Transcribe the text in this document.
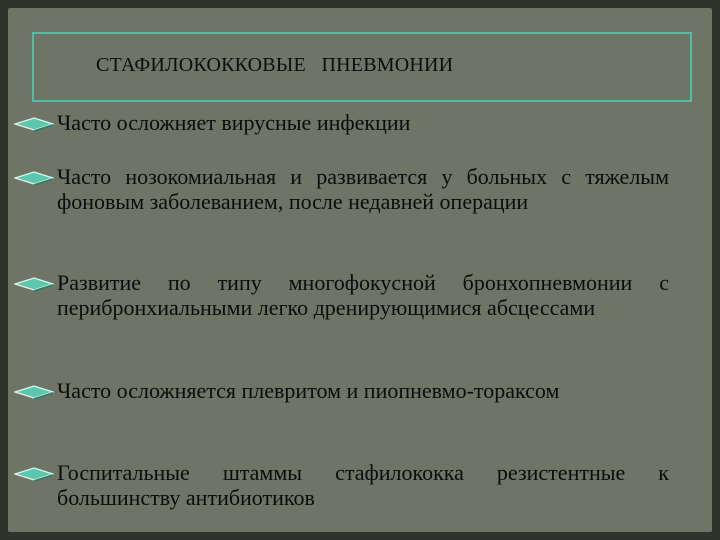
СТАФИЛОКОККОВЫЕ   ПНЕВМОНИИ
Часто осложняет вирусные инфекции
Часто нозокомиальная и развивается у больных с тяжелым фоновым заболеванием, после недавней операции
Развитие по типу многофокусной бронхопневмонии с перибронхиальными легко дренирующимися абсцессами
Часто осложняется плевритом и пиопневмо-тораксом
Госпитальные штаммы стафилококка резистентные к большинству антибиотиков
